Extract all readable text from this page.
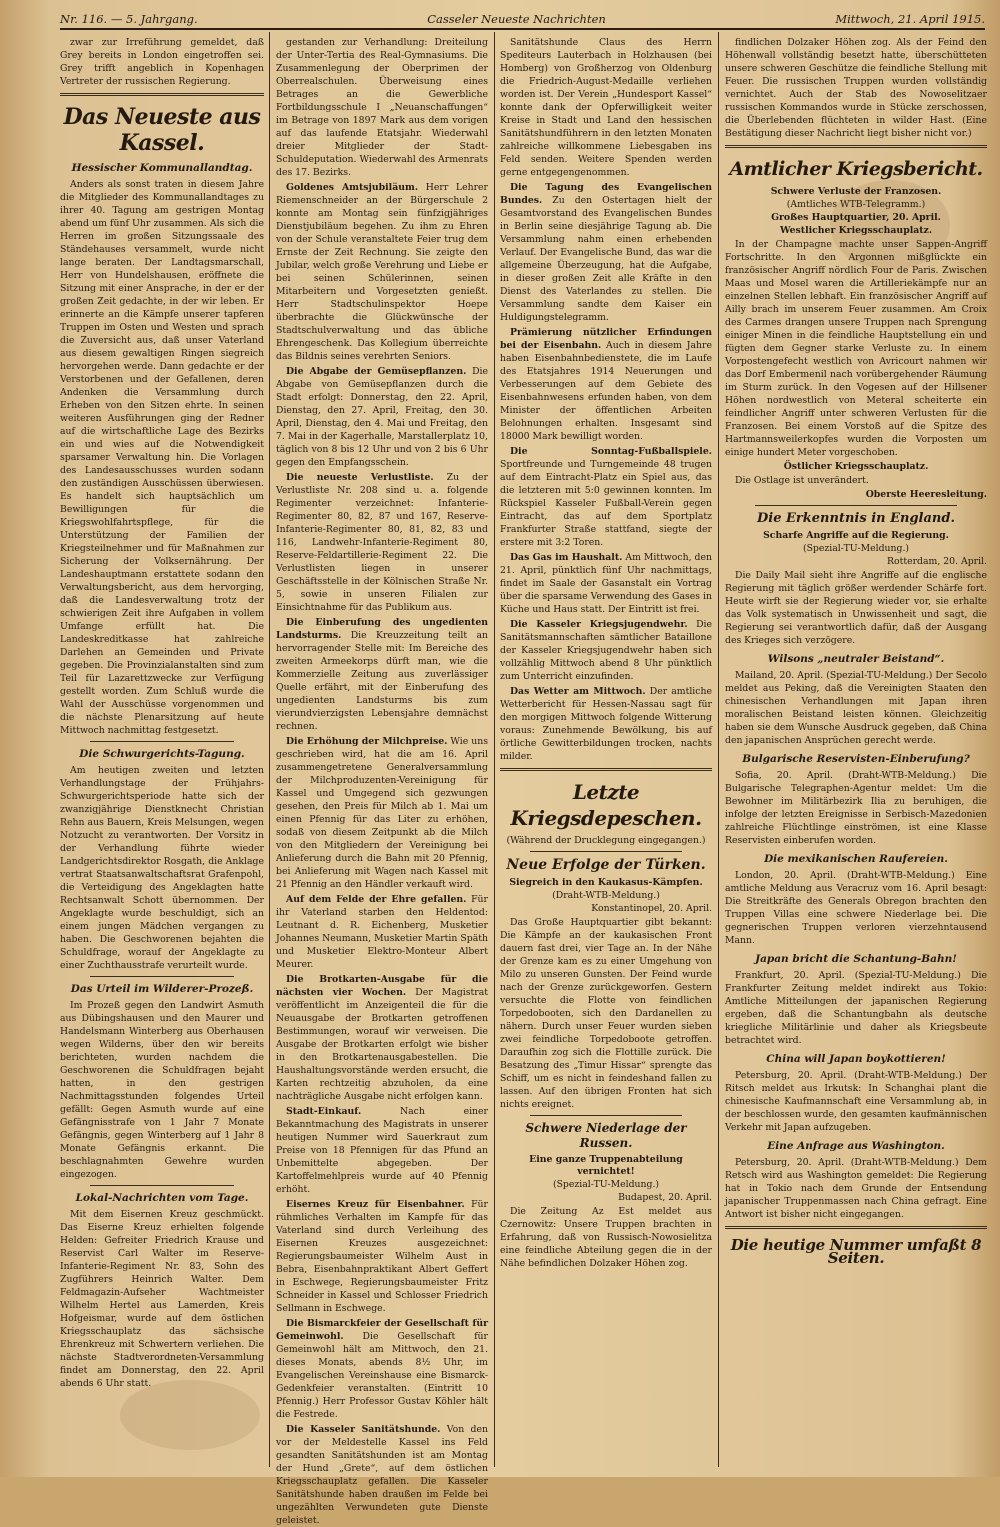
Nr. 116. — 5. Jahrgang.	Casseler Neueste Nachrichten	Mittwoch, 21. April 1915.

zwar zur Irreführung gemeldet, daß Grey bereits in London eingetroffen sei. Grey trifft angeblich in Kopenhagen Vertreter der russischen Regierung.

Das Neueste aus Kassel.
Hessischer Kommunallandtag.

Anders als sonst traten in diesem Jahre die Mitglieder des Kommunallandtages zu ihrer 40. Tagung am gestrigen Montag abend um fünf Uhr zusammen. Als sich die Herren im großen Sitzungssaale des Ständehauses versammelt, wurde nicht lange beraten. Der Landtagsmarschall, Herr von Hundelshausen, eröffnete die Sitzung mit einer Ansprache, in der er der großen Zeit gedachte, in der wir leben. Er erinnerte an die Kämpfe unserer tapferen Truppen im Osten und Westen und sprach die Zuversicht aus, daß unser Vaterland aus diesem gewaltigen Ringen siegreich hervorgehen werde. Dann gedachte er der Verstorbenen und der Gefallenen, deren Andenken die Versammlung durch Erheben von den Sitzen ehrte. In seinen weiteren Ausführungen ging der Redner auf die wirtschaftliche Lage des Bezirks ein und wies auf die Notwendigkeit sparsamer Verwaltung hin. Die Vorlagen des Landesausschusses wurden sodann den zuständigen Ausschüssen überwiesen. Es handelt sich hauptsächlich um Bewilligungen für die Kriegswohlfahrtspflege, für die Unterstützung der Familien der Kriegsteilnehmer und für Maßnahmen zur Sicherung der Volksernährung. Der Landeshauptmann erstattete sodann den Verwaltungsbericht, aus dem hervorging, daß die Landesverwaltung trotz der schwierigen Zeit ihre Aufgaben in vollem Umfange erfüllt hat. Die Landeskreditkasse hat zahlreiche Darlehen an Gemeinden und Private gegeben. Die Provinzialanstalten sind zum Teil für Lazarettzwecke zur Verfügung gestellt worden. Zum Schluß wurde die Wahl der Ausschüsse vorgenommen und die nächste Plenarsitzung auf heute Mittwoch nachmittag festgesetzt.

Die Schwurgerichts-Tagung.

Am heutigen zweiten und letzten Verhandlungstage der Frühjahrs-Schwurgerichtsperiode hatte sich der zwanzigjährige Dienstknecht Christian Rehn aus Bauern, Kreis Melsungen, wegen Notzucht zu verantworten. Der Vorsitz in der Verhandlung führte wieder Landgerichtsdirektor Rosgath, die Anklage vertrat Staatsanwaltschaftsrat Grafenpohl, die Verteidigung des Angeklagten hatte Rechtsanwalt Schott übernommen. Der Angeklagte wurde beschuldigt, sich an einem jungen Mädchen vergangen zu haben. Die Geschworenen bejahten die Schuldfrage, worauf der Angeklagte zu einer Zuchthausstrafe verurteilt wurde.

Das Urteil im Wilderer-Prozeß.

Im Prozeß gegen den Landwirt Asmuth aus Dübingshausen und den Maurer und Handelsmann Winterberg aus Oberhausen wegen Wilderns, über den wir bereits berichteten, wurden nachdem die Geschworenen die Schuldfragen bejaht hatten, in den gestrigen Nachmittagsstunden folgendes Urteil gefällt: Gegen Asmuth wurde auf eine Gefängnisstrafe von 1 Jahr 7 Monate Gefängnis, gegen Winterberg auf 1 Jahr 8 Monate Gefängnis erkannt. Die beschlagnahmten Gewehre wurden eingezogen.

Lokal-Nachrichten vom Tage.

Mit dem Eisernen Kreuz geschmückt. Das Eiserne Kreuz erhielten folgende Helden: Gefreiter Friedrich Krause und Reservist Carl Walter im Reserve-Infanterie-Regiment Nr. 83, Sohn des Zugführers Heinrich Walter. Dem Feldmagazin-Aufseher Wachtmeister Wilhelm Hertel aus Lamerden, Kreis Hofgeismar, wurde auf dem östlichen Kriegsschauplatz das sächsische Ehrenkreuz mit Schwertern verliehen. Die nächste Stadtverordneten-Versammlung findet am Donnerstag, den 22. April abends 6 Uhr statt.

gestanden zur Verhandlung: Dreiteilung der Unter-Tertia des Real-Gymnasiums. Die Zusammenlegung der Oberprimen der Oberrealschulen. Überweisung eines Betrages an die Gewerbliche Fortbildungsschule I „Neuanschaffungen“ im Betrage von 1897 Mark aus dem vorigen auf das laufende Etatsjahr. Wiederwahl dreier Mitglieder der Stadt-Schuldeputation. Wiederwahl des Armenrats des 17. Bezirks.

Goldenes Amtsjubiläum. Herr Lehrer Riemenschneider an der Bürgerschule 2 konnte am Montag sein fünfzigjähriges Dienstjubiläum begehen. Zu ihm zu Ehren von der Schule veranstaltete Feier trug dem Ernste der Zeit Rechnung. Sie zeigte den Jubilar, welch große Verehrung und Liebe er bei seinen Schülerinnen, seinen Mitarbeitern und Vorgesetzten genießt. Herr Stadtschulinspektor Hoepe überbrachte die Glückwünsche der Stadtschulverwaltung und das übliche Ehrengeschenk. Das Kollegium überreichte das Bildnis seines verehrten Seniors.

Die Abgabe der Gemüsepflanzen. Die Abgabe von Gemüsepflanzen durch die Stadt erfolgt: Donnerstag, den 22. April, Dienstag, den 27. April, Freitag, den 30. April, Dienstag, den 4. Mai und Freitag, den 7. Mai in der Kagerhalle, Marstallerplatz 10, täglich von 8 bis 12 Uhr und von 2 bis 6 Uhr gegen den Empfangsschein.

Die neueste Verlustliste. Zu der Verlustliste Nr. 208 sind u. a. folgende Regimenter verzeichnet: Infanterie-Regimenter 80, 82, 87 und 167, Reserve-Infanterie-Regimenter 80, 81, 82, 83 und 116, Landwehr-Infanterie-Regiment 80, Reserve-Feldartillerie-Regiment 22. Die Verlustlisten liegen in unserer Geschäftsstelle in der Kölnischen Straße Nr. 5, sowie in unseren Filialen zur Einsichtnahme für das Publikum aus.

Die Einberufung des ungedienten Landsturms. Die Kreuzzeitung teilt an hervorragender Stelle mit: Im Bereiche des zweiten Armeekorps dürft man, wie die Kommerzielle Zeitung aus zuverlässiger Quelle erfährt, mit der Einberufung des ungedienten Landsturms bis zum vierundvierzigsten Lebensjahre demnächst rechnen.

Die Erhöhung der Milchpreise. Wie uns geschrieben wird, hat die am 16. April zusammengetretene Generalversammlung der Milchproduzenten-Vereinigung für Kassel und Umgegend sich gezwungen gesehen, den Preis für Milch ab 1. Mai um einen Pfennig für das Liter zu erhöhen, sodaß von diesem Zeitpunkt ab die Milch von den Mitgliedern der Vereinigung bei Anlieferung durch die Bahn mit 20 Pfennig, bei Anlieferung mit Wagen nach Kassel mit 21 Pfennig an den Händler verkauft wird.

Auf dem Felde der Ehre gefallen. Für ihr Vaterland starben den Heldentod: Leutnant d. R. Eichenberg, Musketier Johannes Neumann, Musketier Martin Späth und Musketier Elektro-Monteur Albert Meurer.

Die Brotkarten-Ausgabe für die nächsten vier Wochen. Der Magistrat veröffentlicht im Anzeigenteil die für die Neuausgabe der Brotkarten getroffenen Bestimmungen, worauf wir verweisen. Die Ausgabe der Brotkarten erfolgt wie bisher in den Brotkartenausgabestellen. Die Haushaltungsvorstände werden ersucht, die Karten rechtzeitig abzuholen, da eine nachträgliche Ausgabe nicht erfolgen kann.

Stadt-Einkauf.	Nach einer Bekanntmachung des Magistrats in unserer heutigen Nummer wird Sauerkraut zum Preise von 18 Pfennigen für das Pfund an Unbemittelte abgegeben. Der Kartoffelmehlpreis wurde auf 40 Pfennig erhöht.

Eisernes Kreuz für Eisenbahner. Für rühmliches Verhalten im Kampfe für das Vaterland sind durch Verleihung des Eisernen Kreuzes ausgezeichnet: Regierungsbaumeister Wilhelm Aust in Bebra, Eisenbahnpraktikant Albert Geffert in Eschwege, Regierungsbaumeister Fritz Schneider in Kassel und Schlosser Friedrich Sellmann in Eschwege.

Die Bismarckfeier der Gesellschaft für Gemeinwohl. Die Gesellschaft für Gemeinwohl hält am Mittwoch, den 21. dieses Monats, abends 8½ Uhr, im Evangelischen Vereinshause eine Bismarck-Gedenkfeier veranstalten. (Eintritt 10 Pfennig.) Herr Professor Gustav Köhler hält die Festrede.

Die Kasseler Sanitätshunde. Von den vor der Meldestelle Kassel ins Feld gesandten Sanitätshunden ist am Montag der Hund „Grete“, auf dem östlichen Kriegsschauplatz gefallen. Die Kasseler Sanitätshunde haben draußen im Felde bei ungezählten Verwundeten gute Dienste geleistet.

Sanitätshunde Claus des Herrn Spediteurs Lauterbach in Holzhausen (bei Homberg) von Großherzog von Oldenburg die Friedrich-August-Medaille verliehen worden ist. Der Verein „Hundesport Kassel“ konnte dank der Opferwilligkeit weiter Kreise in Stadt und Land den hessischen Sanitätshundführern in den letzten Monaten zahlreiche willkommene Liebesgaben ins Feld senden. Weitere Spenden werden gerne entgegengenommen.

Die Tagung des Evangelischen Bundes. Zu den Ostertagen hielt der Gesamtvorstand des Evangelischen Bundes in Berlin seine diesjährige Tagung ab. Die Versammlung nahm einen erhebenden Verlauf. Der Evangelische Bund, das war die allgemeine Überzeugung, hat die Aufgabe, in dieser großen Zeit alle Kräfte in den Dienst des Vaterlandes zu stellen. Die Versammlung sandte dem Kaiser ein Huldigungstelegramm.

Prämierung nützlicher Erfindungen bei der Eisenbahn. Auch in diesem Jahre haben Eisenbahnbedienstete, die im Laufe des Etatsjahres 1914 Neuerungen und Verbesserungen auf dem Gebiete des Eisenbahnwesens erfunden haben, von dem Minister der öffentlichen Arbeiten Belohnungen erhalten. Insgesamt sind 18000 Mark bewilligt worden.

Die Sonntag-Fußballspiele. Sportfreunde und Turngemeinde 48 trugen auf dem Eintracht-Platz ein Spiel aus, das die letzteren mit 5:0 gewinnen konnten. Im Rückspiel Kasseler Fußball-Verein gegen Eintracht, das auf dem Sportplatz Frankfurter Straße stattfand, siegte der erstere mit 3:2 Toren.

Das Gas im Haushalt. Am Mittwoch, den 21. April, pünktlich fünf Uhr nachmittags, findet im Saale der Gasanstalt ein Vortrag über die sparsame Verwendung des Gases in Küche und Haus statt. Der Eintritt ist frei.

Die Kasseler Kriegsjugendwehr. Die Sanitätsmannschaften sämtlicher Bataillone der Kasseler Kriegsjugendwehr haben sich vollzählig Mittwoch abend 8 Uhr pünktlich zum Unterricht einzufinden.

Das Wetter am Mittwoch. Der amtliche Wetterbericht für Hessen-Nassau sagt für den morgigen Mittwoch folgende Witterung voraus: Zunehmende Bewölkung, bis auf örtliche Gewitterbildungen trocken, nachts milder.

Letzte Kriegsdepeschen.
(Während der Drucklegung eingegangen.)
Neue Erfolge der Türken.
Siegreich in den Kaukasus-Kämpfen.
(Draht-WTB-Meldung.)
Konstantinopel, 20. April.

Das Große Hauptquartier gibt bekannt: Die Kämpfe an der kaukasischen Front dauern fast drei, vier Tage an. In der Nähe der Grenze kam es zu einer Umgehung von Milo zu unseren Gunsten. Der Feind wurde nach der Grenze zurückgeworfen. Gestern versuchte die Flotte von feindlichen Torpedobooten, sich den Dardanellen zu nähern. Durch unser Feuer wurden sieben zwei feindliche Torpedoboote getroffen. Daraufhin zog sich die Flottille zurück. Die Besatzung des „Timur Hissar“ sprengte das Schiff, um es nicht in feindeshand fallen zu lassen. Auf den übrigen Fronten hat sich nichts ereignet.

Schwere Niederlage der Russen.
Eine ganze Truppenabteilung vernichtet!
(Spezial-TU-Meldung.)
Budapest, 20. April.

Die Zeitung Az Est meldet aus Czernowitz: Unsere Truppen brachten in Erfahrung, daß von Russisch-Nowosielitza eine feindliche Abteilung gegen die in der Nähe befindlichen Dolzaker Höhen zog.

findlichen Dolzaker Höhen zog. Als der Feind den Höhenwall vollständig besetzt hatte, überschütteten unsere schweren Geschütze die feindliche Stellung mit Feuer. Die russischen Truppen wurden vollständig vernichtet. Auch der Stab des Nowoselitzaer russischen Kommandos wurde in Stücke zerschossen, die Überlebenden flüchteten in wilder Hast. (Eine Bestätigung dieser Nachricht liegt bisher nicht vor.)

Amtlicher Kriegsbericht.
Schwere Verluste der Franzosen.
(Amtliches WTB-Telegramm.)
Großes Hauptquartier, 20. April.
Westlicher Kriegsschauplatz.

In der Champagne machte unser Sappen-Angriff Fortschritte. In den Argonnen mißglückte ein französischer Angriff nördlich Four de Paris. Zwischen Maas und Mosel waren die Artilleriekämpfe nur an einzelnen Stellen lebhaft. Ein französischer Angriff auf Ailly brach im unserem Feuer zusammen. Am Croix des Carmes drangen unsere Truppen nach Sprengung einiger Minen in die feindliche Hauptstellung ein und fügten dem Gegner starke Verluste zu. In einem Vorpostengefecht westlich von Avricourt nahmen wir das Dorf Embermenil nach vorübergehender Räumung im Sturm zurück. In den Vogesen auf der Hillsener Höhen nordwestlich von Meteral scheiterte ein feindlicher Angriff unter schweren Verlusten für die Franzosen. Bei einem Vorstoß auf die Spitze des Hartmannsweilerkopfes wurden die Vorposten um einige hundert Meter vorgeschoben.

Östlicher Kriegsschauplatz.

Die Ostlage ist unverändert.

Oberste Heeresleitung.
Die Erkenntnis in England.
Scharfe Angriffe auf die Regierung.
(Spezial-TU-Meldung.)
Rotterdam, 20. April.

Die Daily Mail sieht ihre Angriffe auf die englische Regierung mit täglich größer werdender Schärfe fort. Heute wirft sie der Regierung wieder vor, sie erhalte das Volk systematisch in Unwissenheit und sagt, die Regierung sei verantwortlich dafür, daß der Ausgang des Krieges sich verzögere.

Wilsons „neutraler Beistand“.

Mailand, 20. April. (Spezial-TU-Meldung.) Der Secolo meldet aus Peking, daß die Vereinigten Staaten den chinesischen Verhandlungen mit Japan ihren moralischen Beistand leisten können. Gleichzeitig haben sie dem Wunsche Ausdruck gegeben, daß China den japanischen Ansprüchen gerecht werde.

Bulgarische Reservisten-Einberufung?

Sofia, 20. April. (Draht-WTB-Meldung.) Die Bulgarische Telegraphen-Agentur meldet: Um die Bewohner im Militärbezirk Ilia zu beruhigen, die infolge der letzten Ereignisse in Serbisch-Mazedonien zahlreiche Flüchtlinge einströmen, ist eine Klasse Reservisten einberufen worden.

Die mexikanischen Raufereien.

London, 20. April. (Draht-WTB-Meldung.) Eine amtliche Meldung aus Veracruz vom 16. April besagt: Die Streitkräfte des Generals Obregon brachten den Truppen Villas eine schwere Niederlage bei. Die gegnerischen Truppen verloren vierzehntausend Mann.

Japan bricht die Schantung-Bahn!

Frankfurt, 20. April. (Spezial-TU-Meldung.) Die Frankfurter Zeitung meldet indirekt aus Tokio: Amtliche Mitteilungen der japanischen Regierung ergeben, daß die Schantungbahn als deutsche kriegliche Militärlinie und daher als Kriegsbeute betrachtet wird.

China will Japan boykottieren!

Petersburg, 20. April. (Draht-WTB-Meldung.) Der Ritsch meldet aus Irkutsk: In Schanghai plant die chinesische Kaufmannschaft eine Versammlung ab, in der beschlossen wurde, den gesamten kaufmännischen Verkehr mit Japan aufzugeben.

Eine Anfrage aus Washington.

Petersburg, 20. April. (Draht-WTB-Meldung.) Dem Retsch wird aus Washington gemeldet: Die Regierung hat in Tokio nach dem Grunde der Entsendung japanischer Truppenmassen nach China gefragt. Eine Antwort ist bisher nicht eingegangen.

Die heutige Nummer umfaßt 8 Seiten.
